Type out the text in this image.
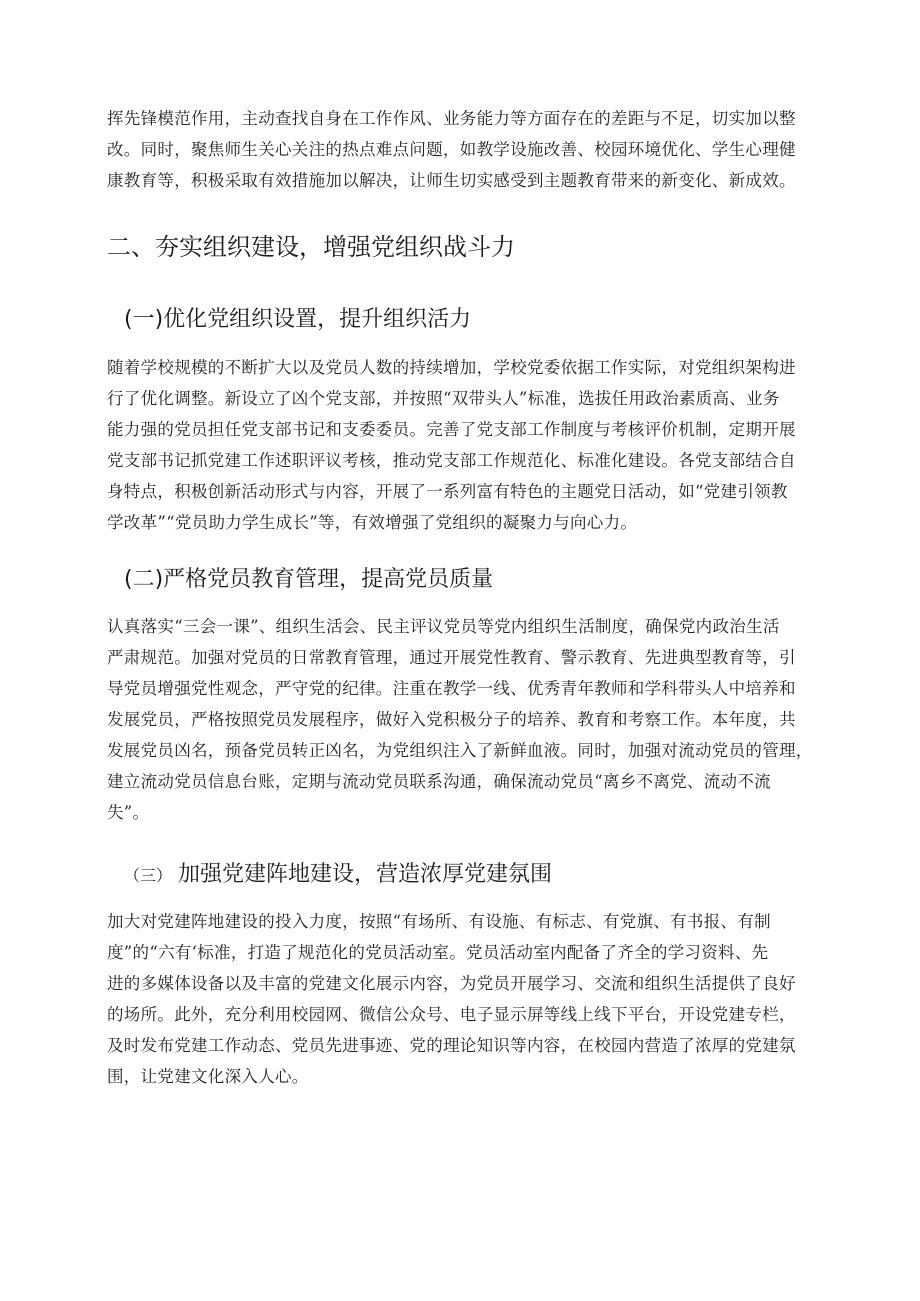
挥先锋模范作用，主动查找自身在工作作风、业务能力等方面存在的差距与不足，切实加以整
改。同时，聚焦师生关心关注的热点难点问题，如教学设施改善、校园环境优化、学生心理健
康教育等，积极采取有效措施加以解决，让师生切实感受到主题教育带来的新变化、新成效。
二、夯实组织建设，增强党组织战斗力
(一)优化党组织设置，提升组织活力
随着学校规模的不断扩大以及党员人数的持续增加，学校党委依据工作实际，对党组织架构进
行了优化调整。新设立了凶个党支部，并按照“双带头人”标准，选拔任用政治素质高、业务
能力强的党员担任党支部书记和支委委员。完善了党支部工作制度与考核评价机制，定期开展
党支部书记抓党建工作述职评议考核，推动党支部工作规范化、标准化建设。各党支部结合自
身特点，积极创新活动形式与内容，开展了一系列富有特色的主题党日活动，如“党建引领教
学改革”“党员助力学生成长”等，有效增强了党组织的凝聚力与向心力。
(二)严格党员教育管理，提高党员质量
认真落实“三会一课”、组织生活会、民主评议党员等党内组织生活制度，确保党内政治生活
严肃规范。加强对党员的日常教育管理，通过开展党性教育、警示教育、先进典型教育等，引
导党员增强党性观念，严守党的纪律。注重在教学一线、优秀青年教师和学科带头人中培养和
发展党员，严格按照党员发展程序，做好入党积极分子的培养、教育和考察工作。本年度，共
发展党员凶名，预备党员转正凶名，为党组织注入了新鲜血液。同时，加强对流动党员的管理，
建立流动党员信息台账，定期与流动党员联系沟通，确保流动党员“离乡不离党、流动不流
失”。
（三） 加强党建阵地建设，营造浓厚党建氛围
加大对党建阵地建设的投入力度，按照“有场所、有设施、有标志、有党旗、有书报、有制
度”的“六有‘标准，打造了规范化的党员活动室。党员活动室内配备了齐全的学习资料、先
进的多媒体设备以及丰富的党建文化展示内容，为党员开展学习、交流和组织生活提供了良好
的场所。此外，充分利用校园网、微信公众号、电子显示屏等线上线下平台，开设党建专栏，
及时发布党建工作动态、党员先进事迹、党的理论知识等内容，在校园内营造了浓厚的党建氛
围，让党建文化深入人心。
